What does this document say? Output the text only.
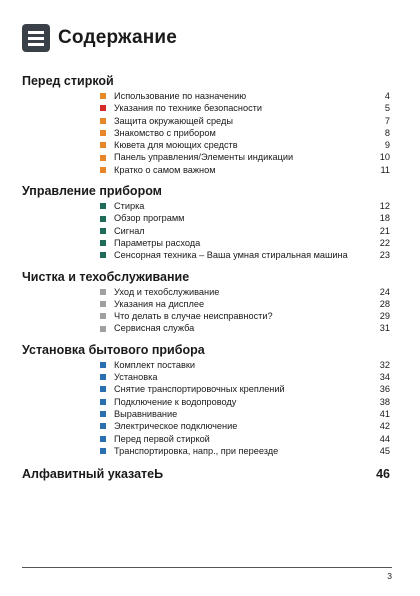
Содержание
Перед стиркой
Использование по назначению	4
Указания по технике безопасности	5
Защита окружающей среды	7
Знакомство с прибором	8
Кювета для моющих средств	9
Панель управления/Элементы индикации	10
Кратко о самом важном	11
Управление прибором
Стирка	12
Обзор программ	18
Сигнал	21
Параметры расхода	22
Сенсорная техника – Ваша умная стиральная машина	23
Чистка и техобслуживание
Уход и техобслуживание	24
Указания на дисплее	28
Что делать в случае неисправности?	29
Сервисная служба	31
Установка бытового прибора
Комплект поставки	32
Установка	34
Снятие транспортировочных креплений	36
Подключение к водопроводу	38
Выравнивание	41
Электрическое подключение	42
Перед первой стиркой	44
Транспортировка, напр., при переезде	45
Алфавитный указатеЬ	46
3
